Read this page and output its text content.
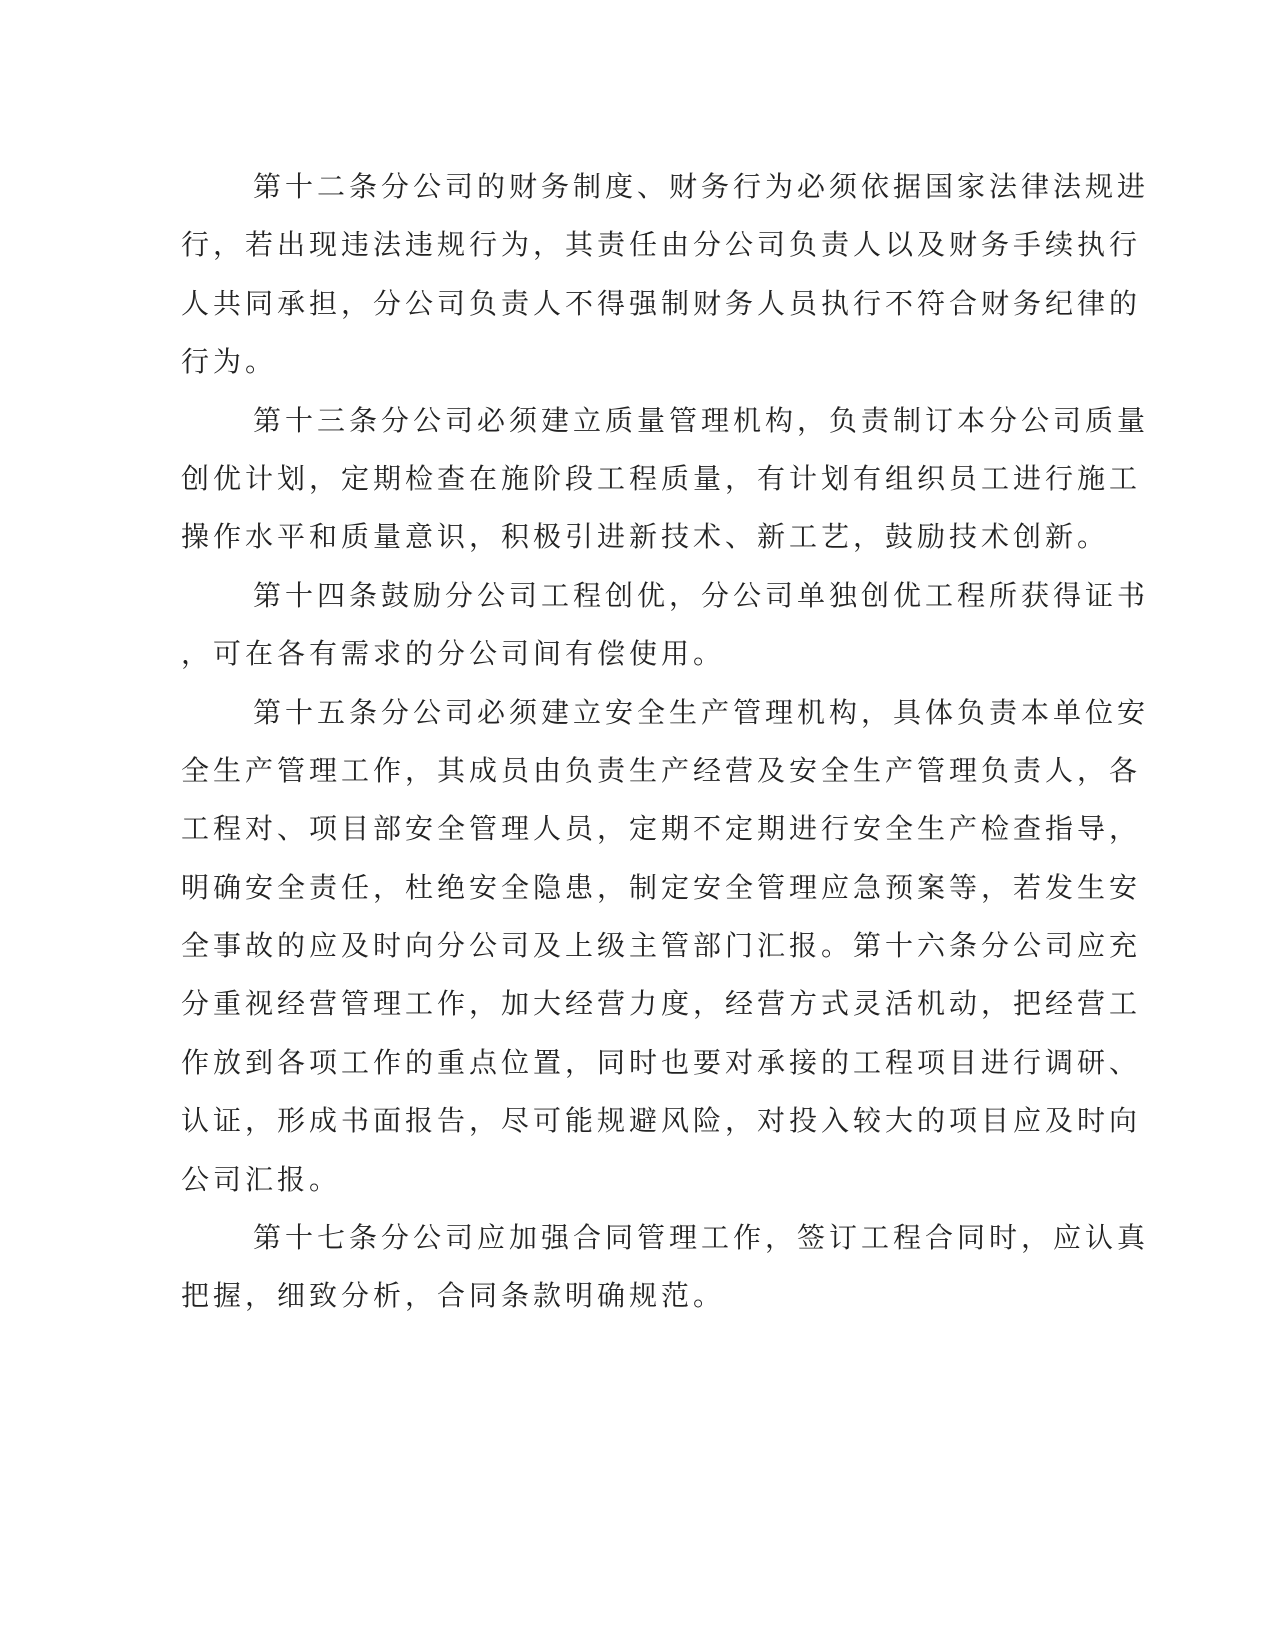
第十二条分公司的财务制度、财务行为必须依据国家法律法规进
行，若出现违法违规行为，其责任由分公司负责人以及财务手续执行
人共同承担，分公司负责人不得强制财务人员执行不符合财务纪律的
行为。
第十三条分公司必须建立质量管理机构，负责制订本分公司质量
创优计划，定期检查在施阶段工程质量，有计划有组织员工进行施工
操作水平和质量意识，积极引进新技术、新工艺，鼓励技术创新。
第十四条鼓励分公司工程创优，分公司单独创优工程所获得证书
，可在各有需求的分公司间有偿使用。
第十五条分公司必须建立安全生产管理机构，具体负责本单位安
全生产管理工作，其成员由负责生产经营及安全生产管理负责人，各
工程对、项目部安全管理人员，定期不定期进行安全生产检查指导，
明确安全责任，杜绝安全隐患，制定安全管理应急预案等，若发生安
全事故的应及时向分公司及上级主管部门汇报。第十六条分公司应充
分重视经营管理工作，加大经营力度，经营方式灵活机动，把经营工
作放到各项工作的重点位置，同时也要对承接的工程项目进行调研、
认证，形成书面报告，尽可能规避风险，对投入较大的项目应及时向
公司汇报。
第十七条分公司应加强合同管理工作，签订工程合同时，应认真
把握，细致分析，合同条款明确规范。
